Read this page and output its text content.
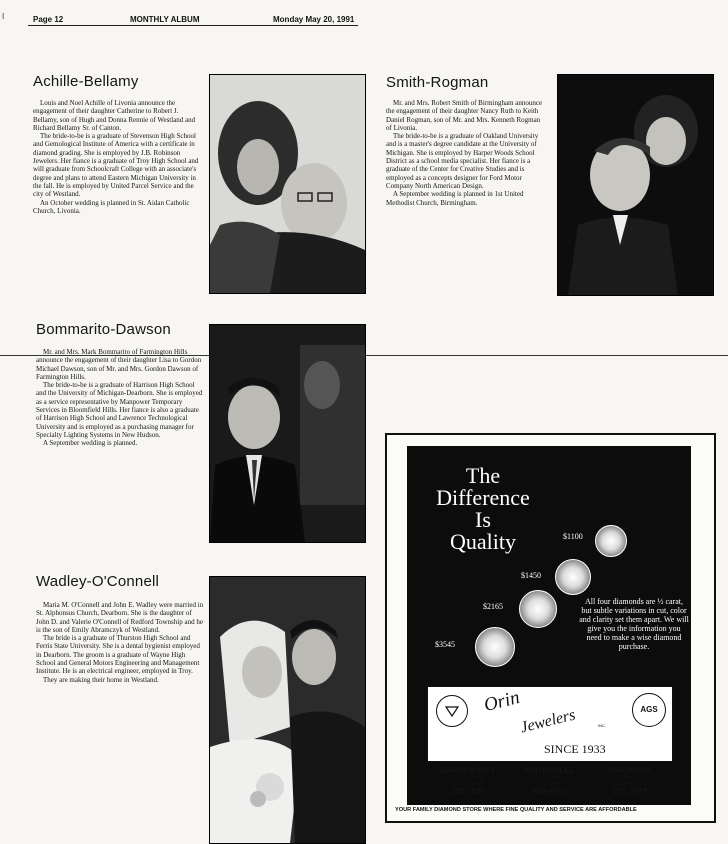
I	Page 12	MONTHLY ALBUM	Monday May 20, 1991
Achille-Bellamy

Louis and Noel Achille of Livonia announce the engagement of their daughter Catherine to Robert J. Bellamy, son of Hugh and Donna Rennie of Westland and Richard Bellamy Sr. of Canton.

The bride-to-be is a graduate of Stevenson High School and Gemological Institute of America with a certificate in diamond grading. She is employed by J.B. Robinson Jewelers. Her fiance is a graduate of Troy High School and will graduate from Schoolcraft College with an associate's degree and plans to attend Eastern Michigan University in the fall. He is employed by United Parcel Service and the city of Westland.

An October wedding is planned in St. Aidan Catholic Church, Livonia.

Smith-Rogman

Mr. and Mrs. Robert Smith of Birmingham announce the engagement of their daughter Nancy Ruth to Keith Daniel Rogman, son of Mr. and Mrs. Kenneth Rogman of Livonia.

The bride-to-be is a graduate of Oakland University and is a master's degree candidate at the University of Michigan. She is employed by Harper Woods School District as a school media specialist. Her fiance is a graduate of the Center for Creative Studies and is employed as a concepts designer for Ford Motor Company North American Design.

A September wedding is planned in 1st United Methodist Church, Birmingham.

Bommarito-Dawson

Mr. and Mrs. Mark Bommarito of Farmington Hills announce the engagement of their daughter Lisa to Gordon Michael Dawson, son of Mr. and Mrs. Gordon Dawson of Farmington Hills.

The bride-to-be is a graduate of Harrison High School and the University of Michigan-Dearborn. She is employed as a service representative by Manpower Temporary Services in Bloomfield Hills. Her fiance is also a graduate of Harrison High School and Lawrence Technological University and is employed as a purchasing manager for Specialty Lighting Systems in New Hudson.

A September wedding is planned.

Wadley-O'Connell

Maria M. O'Connell and John E. Wadley were married in St. Alphonsus Church, Dearborn. She is the daughter of John D. and Valerie O'Connell of Redford Township and he is the son of Emily Abramczyk of Westland.

The bride is a graduate of Thurston High School and Ferris State University. She is a dental hygienist employed in Dearborn. The groom is a graduate of Wayne High School and General Motors Engineering and Management Institute. He is an electrical engineer, employed in Troy.

They are making their home in Westland.

The
Difference
Is
Quality	$1100
$1450
$2165
$3545
All four diamonds are ½ carat, but subtle variations in cut, color and clarity set them apart. We will give you the information you need to make a wise diamond purchase.
Orin
Jewelers	INC.
SINCE 1933
AGS
GARDEN CITY
2934 Ford Rd.
at Middlebelt
422-7030
NORTHVILLE
101 E. Main
at Center
349-6940
BRIGHTON
8430 Grand River
Brighton Mall
227-4977
YOUR FAMILY DIAMOND STORE WHERE FINE QUALITY AND SERVICE ARE AFFORDABLE
